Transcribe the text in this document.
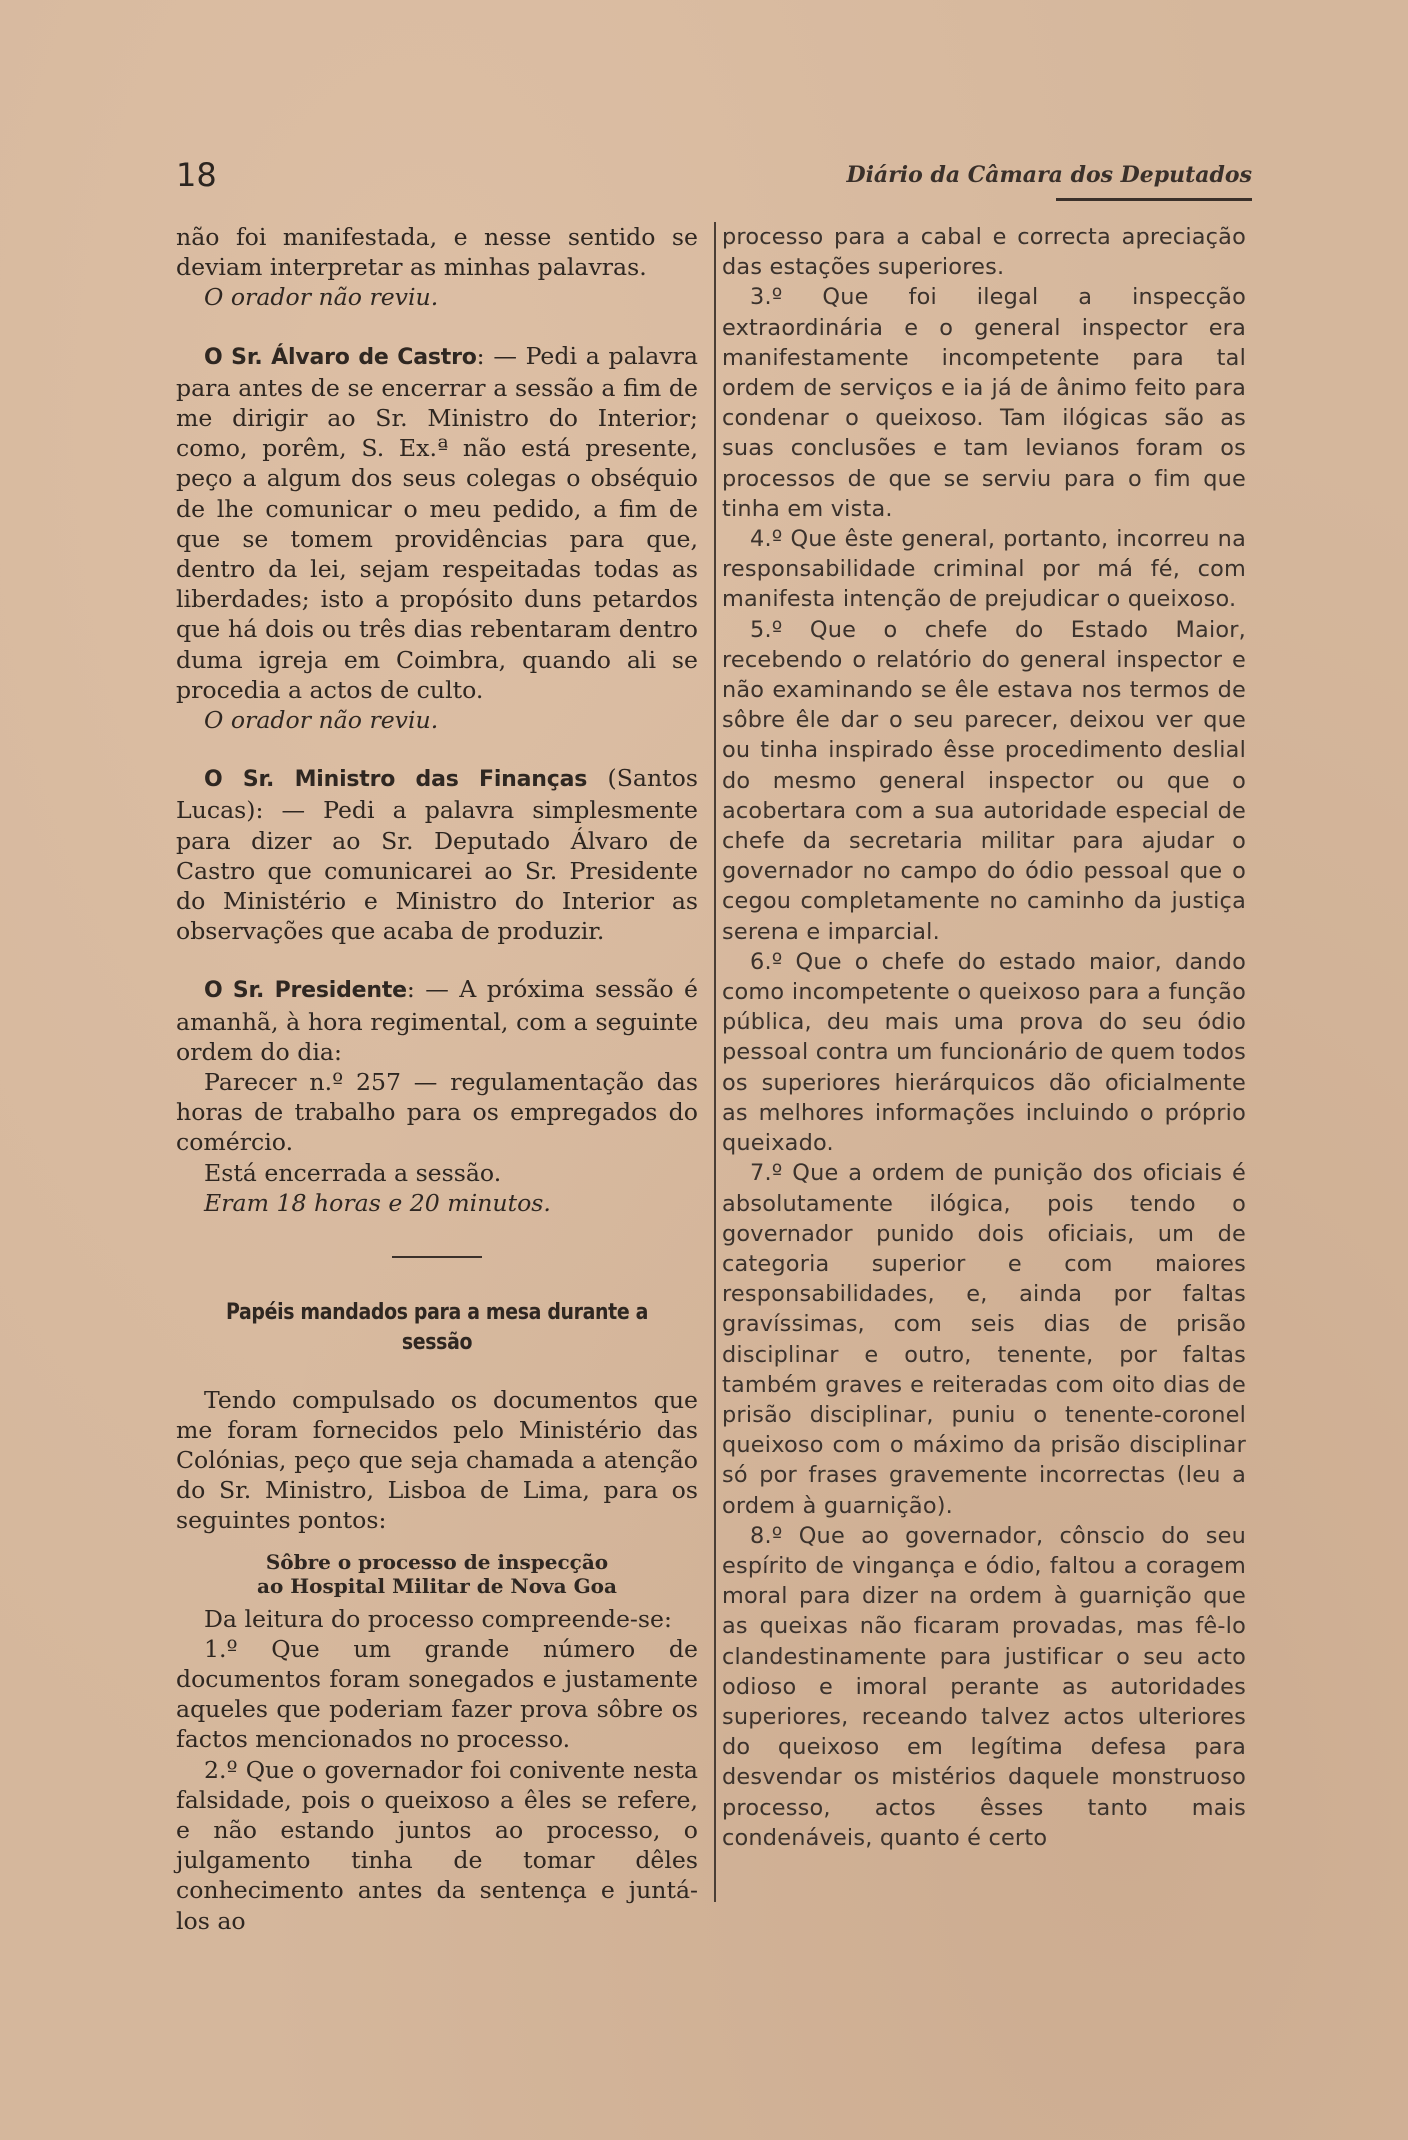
18	Diário da Câmara dos Deputados

não foi manifestada, e nesse sentido se deviam interpretar as minhas palavras.

O orador não reviu.

O Sr. Álvaro de Castro: — Pedi a palavra para antes de se encerrar a sessão a fim de me dirigir ao Sr. Ministro do Interior; como, porêm, S. Ex.ª não está presente, peço a algum dos seus colegas o obséquio de lhe comunicar o meu pedido, a fim de que se tomem providências para que, dentro da lei, sejam respeitadas todas as liberdades; isto a propósito duns petardos que há dois ou três dias rebentaram dentro duma igreja em Coimbra, quando ali se procedia a actos de culto.

O orador não reviu.

O Sr. Ministro das Finanças (Santos Lucas): — Pedi a palavra simplesmente para dizer ao Sr. Deputado Álvaro de Castro que comunicarei ao Sr. Presidente do Ministério e Ministro do Interior as observações que acaba de produzir.

O Sr. Presidente: — A próxima sessão é amanhã, à hora regimental, com a seguinte ordem do dia:

Parecer n.º 257 — regulamentação das horas de trabalho para os empregados do comércio.

Está encerrada a sessão.

Eram 18 horas e 20 minutos.

Papéis mandados para a mesa durante a sessão

Tendo compulsado os documentos que me foram fornecidos pelo Ministério das Colónias, peço que seja chamada a atenção do Sr. Ministro, Lisboa de Lima, para os seguintes pontos:

Sôbre o processo de inspecção
ao Hospital Militar de Nova Goa

Da leitura do processo compreende-se:

1.º Que um grande número de documentos foram sonegados e justamente aqueles que poderiam fazer prova sôbre os factos mencionados no processo.

2.º Que o governador foi conivente nesta falsidade, pois o queixoso a êles se refere, e não estando juntos ao processo, o julgamento tinha de tomar dêles conhecimento antes da sentença e juntá-los ao

processo para a cabal e correcta apreciação das estações superiores.

3.º Que foi ilegal a inspecção extraordinária e o general inspector era manifestamente incompetente para tal ordem de serviços e ia já de ânimo feito para condenar o queixoso. Tam ilógicas são as suas conclusões e tam levianos foram os processos de que se serviu para o fim que tinha em vista.

4.º Que êste general, portanto, incorreu na responsabilidade criminal por má fé, com manifesta intenção de prejudicar o queixoso.

5.º Que o chefe do Estado Maior, recebendo o relatório do general inspector e não examinando se êle estava nos termos de sôbre êle dar o seu parecer, deixou ver que ou tinha inspirado êsse procedimento deslial do mesmo general inspector ou que o acobertara com a sua autoridade especial de chefe da secretaria militar para ajudar o governador no campo do ódio pessoal que o cegou completamente no caminho da justiça serena e imparcial.

6.º Que o chefe do estado maior, dando como incompetente o queixoso para a função pública, deu mais uma prova do seu ódio pessoal contra um funcionário de quem todos os superiores hierárquicos dão oficialmente as melhores informações incluindo o próprio queixado.

7.º Que a ordem de punição dos oficiais é absolutamente ilógica, pois tendo o governador punido dois oficiais, um de categoria superior e com maiores responsabilidades, e, ainda por faltas gravíssimas, com seis dias de prisão disciplinar e outro, tenente, por faltas também graves e reiteradas com oito dias de prisão disciplinar, puniu o tenente-coronel queixoso com o máximo da prisão disciplinar só por frases gravemente incorrectas (leu a ordem à guarnição).

8.º Que ao governador, cônscio do seu espírito de vingança e ódio, faltou a coragem moral para dizer na ordem à guarnição que as queixas não ficaram provadas, mas fê-lo clandestinamente para justificar o seu acto odioso e imoral perante as autoridades superiores, receando talvez actos ulteriores do queixoso em legítima defesa para desvendar os mistérios daquele monstruoso processo, actos êsses tanto mais condenáveis, quanto é certo
